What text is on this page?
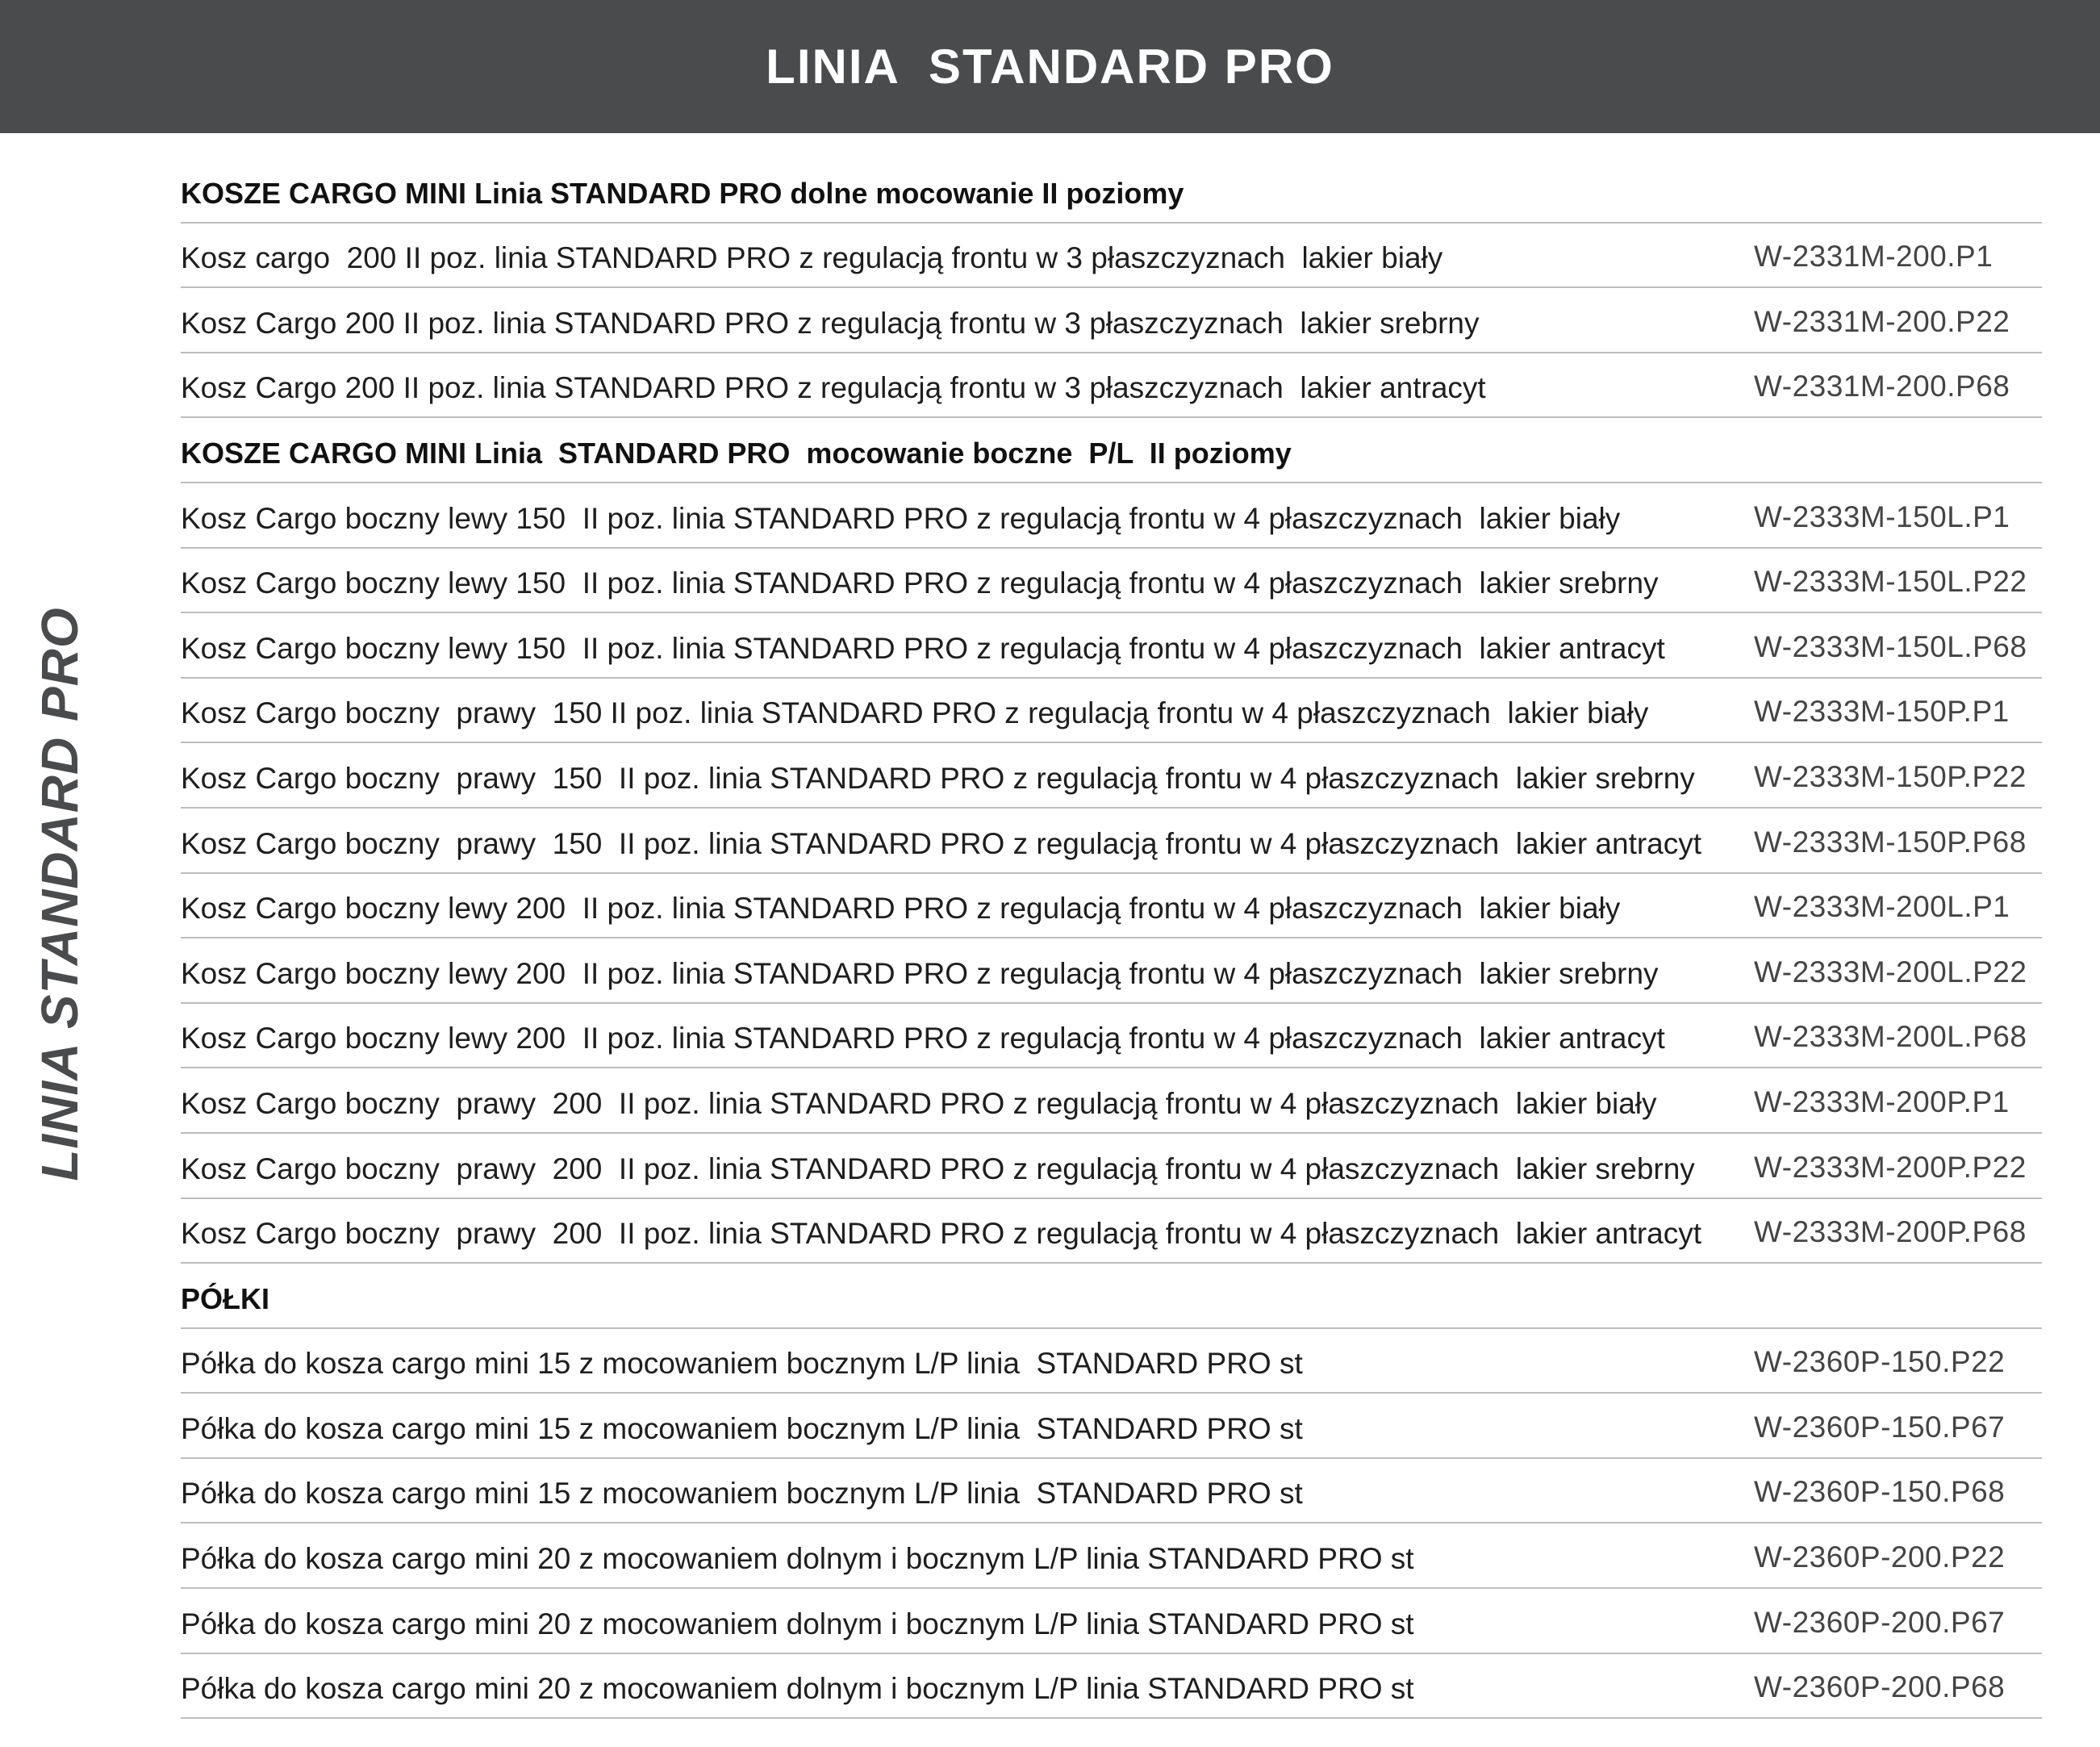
LINIA  STANDARD PRO
LINIA STANDARD PRO
KOSZE CARGO MINI Linia STANDARD PRO dolne mocowanie II poziomy
Kosz cargo  200 II poz. linia STANDARD PRO z regulacją frontu w 3 płaszczyznach  lakier biały	W-2331M-200.P1
Kosz Cargo 200 II poz. linia STANDARD PRO z regulacją frontu w 3 płaszczyznach  lakier srebrny	W-2331M-200.P22
Kosz Cargo 200 II poz. linia STANDARD PRO z regulacją frontu w 3 płaszczyznach  lakier antracyt	W-2331M-200.P68
KOSZE CARGO MINI Linia  STANDARD PRO  mocowanie boczne  P/L  II poziomy
Kosz Cargo boczny lewy 150  II poz. linia STANDARD PRO z regulacją frontu w 4 płaszczyznach  lakier biały	W-2333M-150L.P1
Kosz Cargo boczny lewy 150  II poz. linia STANDARD PRO z regulacją frontu w 4 płaszczyznach  lakier srebrny	W-2333M-150L.P22
Kosz Cargo boczny lewy 150  II poz. linia STANDARD PRO z regulacją frontu w 4 płaszczyznach  lakier antracyt	W-2333M-150L.P68
Kosz Cargo boczny  prawy  150 II poz. linia STANDARD PRO z regulacją frontu w 4 płaszczyznach  lakier biały	W-2333M-150P.P1
Kosz Cargo boczny  prawy  150  II poz. linia STANDARD PRO z regulacją frontu w 4 płaszczyznach  lakier srebrny W-2333M-150P.P22
Kosz Cargo boczny  prawy  150  II poz. linia STANDARD PRO z regulacją frontu w 4 płaszczyznach  lakier antracyt W-2333M-150P.P68
Kosz Cargo boczny lewy 200  II poz. linia STANDARD PRO z regulacją frontu w 4 płaszczyznach  lakier biały	W-2333M-200L.P1
Kosz Cargo boczny lewy 200  II poz. linia STANDARD PRO z regulacją frontu w 4 płaszczyznach  lakier srebrny	W-2333M-200L.P22
Kosz Cargo boczny lewy 200  II poz. linia STANDARD PRO z regulacją frontu w 4 płaszczyznach  lakier antracyt	W-2333M-200L.P68
Kosz Cargo boczny  prawy  200  II poz. linia STANDARD PRO z regulacją frontu w 4 płaszczyznach  lakier biały	W-2333M-200P.P1
Kosz Cargo boczny  prawy  200  II poz. linia STANDARD PRO z regulacją frontu w 4 płaszczyznach  lakier srebrny W-2333M-200P.P22
Kosz Cargo boczny  prawy  200  II poz. linia STANDARD PRO z regulacją frontu w 4 płaszczyznach  lakier antracyt W-2333M-200P.P68
PÓŁKI
Półka do kosza cargo mini 15 z mocowaniem bocznym L/P linia  STANDARD PRO st	W-2360P-150.P22
Półka do kosza cargo mini 15 z mocowaniem bocznym L/P linia  STANDARD PRO st	W-2360P-150.P67
Półka do kosza cargo mini 15 z mocowaniem bocznym L/P linia  STANDARD PRO st	W-2360P-150.P68
Półka do kosza cargo mini 20 z mocowaniem dolnym i bocznym L/P linia STANDARD PRO st	W-2360P-200.P22
Półka do kosza cargo mini 20 z mocowaniem dolnym i bocznym L/P linia STANDARD PRO st	W-2360P-200.P67
Półka do kosza cargo mini 20 z mocowaniem dolnym i bocznym L/P linia STANDARD PRO st	W-2360P-200.P68
